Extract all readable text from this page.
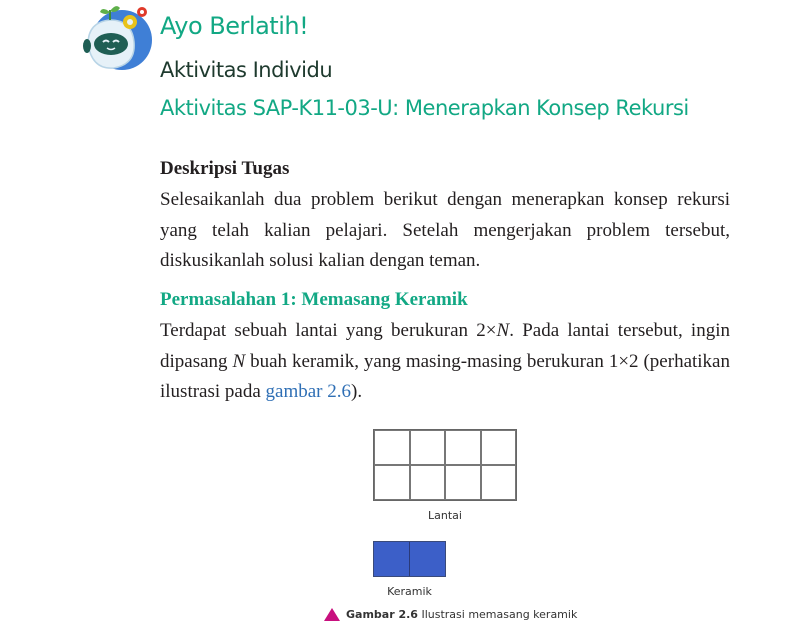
Ayo Berlatih!
Aktivitas Individu
Aktivitas SAP-K11-03-U: Menerapkan Konsep Rekursi
Deskripsi Tugas
Selesaikanlah dua problem berikut dengan menerapkan konsep rekursi yang telah kalian pelajari. Setelah mengerjakan problem tersebut, diskusikanlah solusi kalian dengan teman.
Permasalahan 1: Memasang Keramik
Terdapat sebuah lantai yang berukuran 2×N. Pada lantai tersebut, ingin dipasang N buah keramik, yang masing-masing berukuran 1×2 (perhatikan ilustrasi pada gambar 2.6).
Lantai
Keramik
Gambar 2.6 Ilustrasi memasang keramik
